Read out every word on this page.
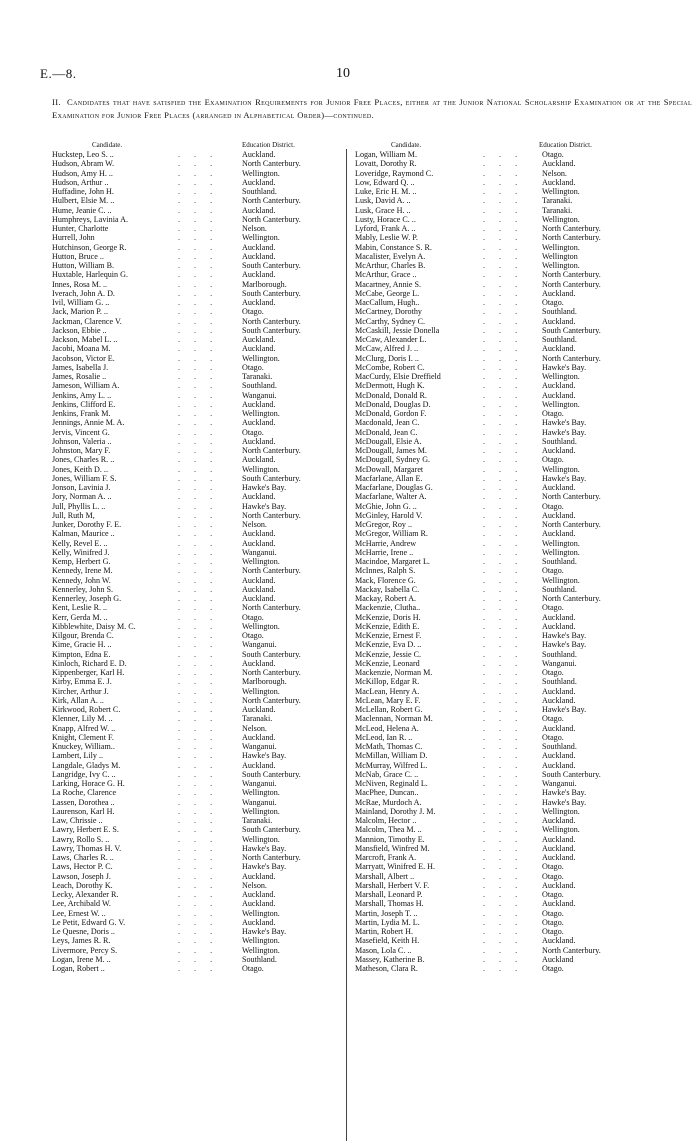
E.—8.	10
II. Candidates that have satisfied the Examination Requirements for Junior Free Places, either at the Junior National Scholarship Examination or at the Special Examination for Junior Free Places (arranged in Alphabetical Order)—continued.
Candidate.	Education District.
Huckstep, Leo S. ..	. . .	Auckland.
Hudson, Abram W.	. . .	North Canterbury.
Hudson, Amy H. ..	. . .	Wellington.
Hudson, Arthur ..	. . .	Auckland.
Huffadine, John H.	. . .	Southland.
Hulbert, Elsie M. ..	. . .	North Canterbury.
Hume, Jeanie C. ..	. . .	Auckland.
Humphreys, Lavinia A.	. . .	North Canterbury.
Hunter, Charlotte	. . .	Nelson.
Hurrell, John	. . .	Wellington.
Hutchinson, George R.	. . .	Auckland.
Hutton, Bruce ..	. . .	Auckland.
Hutton, William B.	. . .	South Canterbury.
Huxtable, Harlequin G.	. . .	Auckland.
Innes, Rosa M. ..	. . .	Marlborough.
Iverach, John A. D.	. . .	South Canterbury.
Ivil, William G. ..	. . .	Auckland.
Jack, Marion P. ..	. . .	Otago.
Jackman, Clarence V.	. . .	North Canterbury.
Jackson, Ebbie ..	. . .	South Canterbury.
Jackson, Mabel L. ..	. . .	Auckland.
Jacobi, Moana M.	. . .	Auckland.
Jacobson, Victor E.	. . .	Wellington.
James, Isabella J.	. . .	Otago.
James, Rosalie ..	. . .	Taranaki.
Jameson, William A.	. . .	Southland.
Jenkins, Amy L. ..	. . .	Wanganui.
Jenkins, Clifford E.	. . .	Auckland.
Jenkins, Frank M.	. . .	Wellington.
Jennings, Annie M. A.	. . .	Auckland.
Jervis, Vincent G.	. . .	Otago.
Johnson, Valeria ..	. . .	Auckland.
Johnston, Mary F.	. . .	North Canterbury.
Jones, Charles R. ..	. . .	Auckland.
Jones, Keith D. ..	. . .	Wellington.
Jones, William F. S.	. . .	South Canterbury.
Jonson, Lavinia J.	. . .	Hawke's Bay.
Jory, Norman A. ..	. . .	Auckland.
Jull, Phyllis L. ..	. . .	Hawke's Bay.
Jull, Ruth M,	. . .	North Canterbury.
Junker, Dorothy F. E.	. . .	Nelson.
Kalman, Maurice ..	. . .	Auckland.
Kelly, Revel E. ..	. . .	Auckland.
Kelly, Winifred J.	. . .	Wanganui.
Kemp, Herbert G.	. . .	Wellington.
Kennedy, Irene M.	. . .	North Canterbury.
Kennedy, John W.	. . .	Auckland.
Kennerley, John S.	. . .	Auckland.
Kennerley, Joseph G.	. . .	Auckland.
Kent, Leslie R. ..	. . .	North Canterbury.
Kerr, Gerda M. ..	. . .	Otago.
Kibblewhite, Daisy M. C.	. . .	Wellington.
Kilgour, Brenda C.	. . .	Otago.
Kime, Gracie H. ..	. . .	Wanganui.
Kimpton, Edna E.	. . .	South Canterbury.
Kinloch, Richard E. D.	. . .	Auckland.
Kippenberger, Karl H.	. . .	North Canterbury.
Kirby, Emma E. J.	. . .	Marlborough.
Kircher, Arthur J.	. . .	Wellington.
Kirk, Allan A. ..	. . .	North Canterbury.
Kirkwood, Robert C.	. . .	Auckland.
Klenner, Lily M. ..	. . .	Taranaki.
Knapp, Alfred W. ..	. . .	Nelson.
Knight, Clement F.	. . .	Auckland.
Knuckey, William..	. . .	Wanganui.
Lambert, Lily ..	. . .	Hawke's Bay.
Langdale, Gladys M.	. . .	Auckland.
Langridge, Ivy C. ..	. . .	South Canterbury.
Larking, Horace G. H.	. . .	Wanganui.
La Roche, Clarence	. . .	Wellington.
Lassen, Dorothea ..	. . .	Wanganui.
Laurenson, Karl H.	. . .	Wellington.
Law, Chrissie ..	. . .	Taranaki.
Lawry, Herbert E. S.	. . .	South Canterbury.
Lawry, Rollo S. ..	. . .	Wellington.
Lawry, Thomas H. V.	. . .	Hawke's Bay.
Laws, Charles R. ..	. . .	North Canterbury.
Laws, Hector P. C.	. . .	Hawke's Bay.
Lawson, Joseph J.	. . .	Auckland.
Leach, Dorothy K.	. . .	Nelson.
Lecky, Alexander R.	. . .	Auckland.
Lee, Archibald W.	. . .	Auckland.
Lee, Ernest W. ..	. . .	Wellington.
Le Petit, Edward G. V.	. . .	Auckland.
Le Quesne, Doris ..	. . .	Hawke's Bay.
Leys, James R. R.	. . .	Wellington.
Livermore, Percy S.	. . .	Wellington.
Logan, Irene M. ..	. . .	Southland.
Logan, Robert ..	. . .	Otago.
Candidate.	Education District.
Logan, William M.	. . . Otago.
Lovatt, Dorothy R.	. . . Auckland.
Loveridge, Raymond C.	. . . Nelson.
Low, Edward Q. ..	. . . Auckland.
Luke, Eric H. M. ..	. . . Wellington.
Lusk, David A. ..	. . . Taranaki.
Lusk, Grace H. ..	. . . Taranaki.
Lusty, Horace C. ..	. . . Wellington.
Lyford, Frank A. ..	. . . North Canterbury.
Mably, Leslie W. P.	. . . North Canterbury.
Mabin, Constance S. R.	. . . Wellington.
Macalister, Evelyn A.	. . . Wellington
McArthur, Charles B.	. . . Wellington.
McArthur, Grace ..	. . . North Canterbury.
Macartney, Annie S.	. . . North Canterbury.
McCabe, George L.	. . . Auckland.
MacCallum, Hugh..	. . . Otago.
McCartney, Dorothy	. . . Southland.
McCarthy, Sydney C.	. . . Auckland.
McCaskill, Jessie Donella	. . . South Canterbury.
McCaw, Alexander L.	. . . Southland.
McCaw, Alfred J. ..	. . . Auckland.
McClurg, Doris I. ..	. . . North Canterbury.
McCombe, Robert C.	. . . Hawke's Bay.
MacCurdy, Elsie Dreffield	. . . Wellington.
McDermott, Hugh K.	. . . Auckland.
McDonald, Donald R.	. . . Auckland.
McDonald, Douglas D.	. . . Wellington.
McDonald, Gordon F.	. . . Otago.
Macdonald, Jean C.	. . . Hawke's Bay.
McDonald, Jean C.	. . . Hawke's Bay.
McDougall, Elsie A.	. . . Southland.
McDougall, James M.	. . . Auckland.
McDougall, Sydney G.	. . . Otago.
McDowall, Margaret	. . . Wellington.
Macfarlane, Allan E.	. . . Hawke's Bay.
Macfarlane, Douglas G.	. . . Auckland.
Macfarlane, Walter A.	. . . North Canterbury.
McGhie, John G. ..	. . . Otago.
McGinley, Harold V.	. . . Auckland.
McGregor, Roy ..	. . . North Canterbury.
McGregor, William R.	. . . Auckland.
McHarrie, Andrew	. . . Wellington.
McHarrie, Irene ..	. . . Wellington.
Macindoe, Margaret L.	. . . Southland.
McInnes, Ralph S.	. . . Otago.
Mack, Florence G.	. . . Wellington.
Mackay, Isabella C.	. . . Southland.
Mackay, Robert A.	. . . North Canterbury.
Mackenzie, Clutha..	. . . Otago.
McKenzie, Doris H.	. . . Auckland.
McKenzie, Edith E.	. . . Auckland.
McKenzie, Ernest F.	. . . Hawke's Bay.
McKenzie, Eva D. ..	. . . Hawke's Bay.
McKenzie, Jessie C.	. . . Southland.
McKenzie, Leonard	. . . Wanganui.
Mackenzie, Norman M.	. . . Otago.
McKillop, Edgar R.	. . . Southland.
MacLean, Henry A.	. . . Auckland.
McLean, Mary E. F.	. . . Auckland.
McLellan, Robert G.	. . . Hawke's Bay.
Maclennan, Norman M.	. . . Otago.
McLeod, Helena A.	. . . Auckland.
McLeod, Ian R. ..	. . . Otago.
McMath, Thomas C.	. . . Southland.
McMillan, William D.	. . . Auckland.
McMurray, Wilfred L.	. . . Auckland.
McNab, Grace C. ..	. . . South Canterbury.
McNiven, Reginald L.	. . . Wanganui.
MacPhee, Duncan..	. . . Hawke's Bay.
McRae, Murdoch A.	. . . Hawke's Bay.
Mainland, Dorothy J. M.	. . . Wellington.
Malcolm, Hector ..	. . . Auckland.
Malcolm, Thea M. ..	. . . Wellington.
Mannion, Timothy E.	. . . Auckland.
Mansfield, Winfred M.	. . . Auckland.
Marcroft, Frank A.	. . . Auckland.
Marryatt, Winifred E. H.	. . . Otago.
Marshall, Albert ..	. . . Otago.
Marshall, Herbert V. F.	. . . Auckland.
Marshall, Leonard P.	. . . Otago.
Marshall, Thomas H.	. . . Auckland.
Martin, Joseph T. ..	. . . Otago.
Martin, Lydia M. L.	. . . Otago.
Martin, Robert H.	. . . Otago.
Masefield, Keith H.	. . . Auckland.
Mason, Lola C. ..	. . . North Canterbury.
Massey, Katherine B.	. . . Auckland
Matheson, Clara R.	. . . Otago.
